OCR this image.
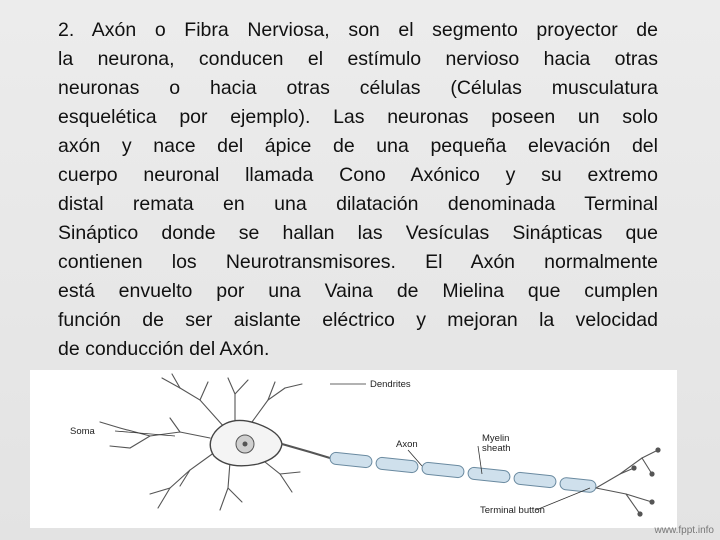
2. Axón o Fibra Nerviosa, son el segmento proyector de
la neurona, conducen el estímulo nervioso hacia otras
neuronas o hacia otras células (Células musculatura
esquelética por ejemplo). Las neuronas poseen un solo
axón y nace del ápice de una pequeña elevación del
cuerpo neuronal llamada Cono Axónico y su extremo
distal remata en una dilatación denominada Terminal
Sináptico donde se hallan las Vesículas Sinápticas que
contienen los Neurotransmisores. El Axón normalmente
está envuelto por una Vaina de Mielina que cumplen
función de ser aislante eléctrico y mejoran la velocidad
de conducción del Axón.
Dendrites
Soma
Axon
Myelin
sheath
Terminal button
www.fppt.info
